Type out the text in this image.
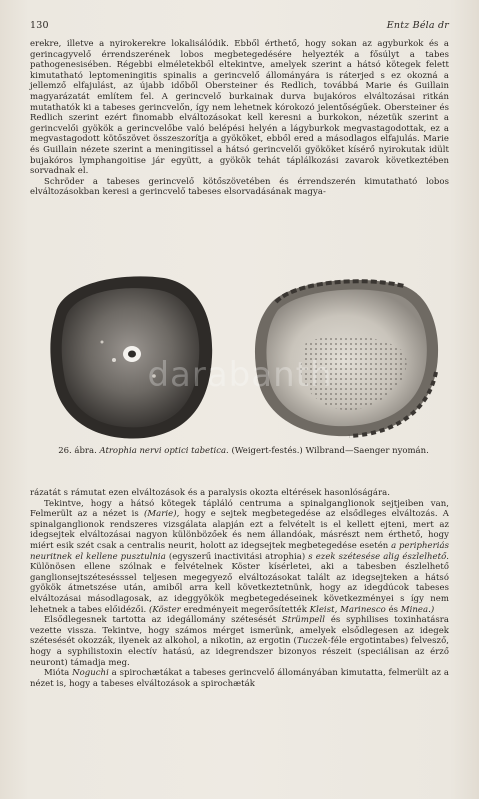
130	Entz Béla dr

erekre, illetve a nyirokerekre lokalisálódik. Ebből érthető, hogy sokan az agyburkok és a gerincagyvelő érrendszerének lobos megbetegedésére helyezték a fősúlyt a tabes pathogenesisében. Régebbi elméletekből eltekintve, amelyek szerint a hátsó kötegek felett kimutatható leptomeningitis spinalis a gerincvelő állományára is ráterjed s ez okozná a jellemző elfajulást, az újabb időből Obersteiner és Redlich, továbbá Marie és Guillain magyarázatát említem fel. A gerincvelő burkainak durva bujakóros elváltozásai ritkán mutathatók ki a tabeses gerincvelőn, így nem lehetnek kórokozó jelentőségűek. Obersteiner és Redlich szerint ezért finomabb elváltozásokat kell keresni a burkokon, nézetük szerint a gerincvelői gyökök a gerincvelőbe való belépési helyén a lágyburkok megvastagodottak, ez a megvastagodott kötőszövet összeszorítja a gyököket, ebből ered a másodlagos elfajulás. Marie és Guillain nézete szerint a meningitissel a hátsó gerincvelői gyököket kísérő nyirokutak idült bujakóros lymphangoitise jár együtt, a gyökök tehát táplálkozási zavarok következtében sorvadnak el.

Schröder a tabeses gerincvelő kötőszövetében és érrendszerén kimutatható lobos elváltozásokban keresi a gerincvelő tabeses elsorvadásának magya-

darabanth
26. ábra. Atrophia nervi optici tabetica. (Weigert-festés.) Wilbrand—Saenger nyomán.

rázatát s rámutat ezen elváltozások és a paralysis okozta eltérések hasonlóságára.

Tekintve, hogy a hátsó kötegek tápláló centruma a spinalganglionok sejtjeiben van, Felmerült az a nézet is (Marie), hogy e sejtek megbetegedése az elsődleges elváltozás. A spinalganglionok rendszeres vizsgálata alapján ezt a felvételt is el kellett ejteni, mert az idegsejtek elváltozásai nagyon különbözőek és nem állandóak, másrészt nem érthető, hogy miért esik szét csak a centralis neurit, holott az idegsejtek megbetegedése esetén a peripheriás neuritnek el kellene pusztulnia (egyszerű inactivitási atrophia) s ezek szétesése alig észlelhető. Különösen ellene szólnak e felvételnek Köster kísérletei, aki a tabesben észlelhető ganglionsejtszétesésssel teljesen megegyező elváltozásokat talált az idegsejteken a hátsó gyökök átmetszése után, amiből arra kell következtetnünk, hogy az idegdúcok tabeses elváltozásai másodlagosak, az ideggyökök megbetegedéseinek következményei s így nem lehetnek a tabes előidézői. (Köster eredményeit megerősítették Kleist, Marinesco és Minea.)

Elsődlegesnek tartotta az idegállomány szétesését Strümpell és syphilises toxinhatásra vezette vissza. Tekintve, hogy számos mérget ismerünk, amelyek elsődlegesen az idegek szétesését okozzák, ilyenek az alkohol, a nikotin, az ergotin (Tuczek-féle ergotintabes) felvesző, hogy a syphilistoxin electív hatású, az idegrendszer bizonyos részeit (speciálisan az érző neuront) támadja meg.

Mióta Noguchi a spirochætákat a tabeses gerincvelő állományában kimutatta, felmerült az a nézet is, hogy a tabeses elváltozások a spirochæták
